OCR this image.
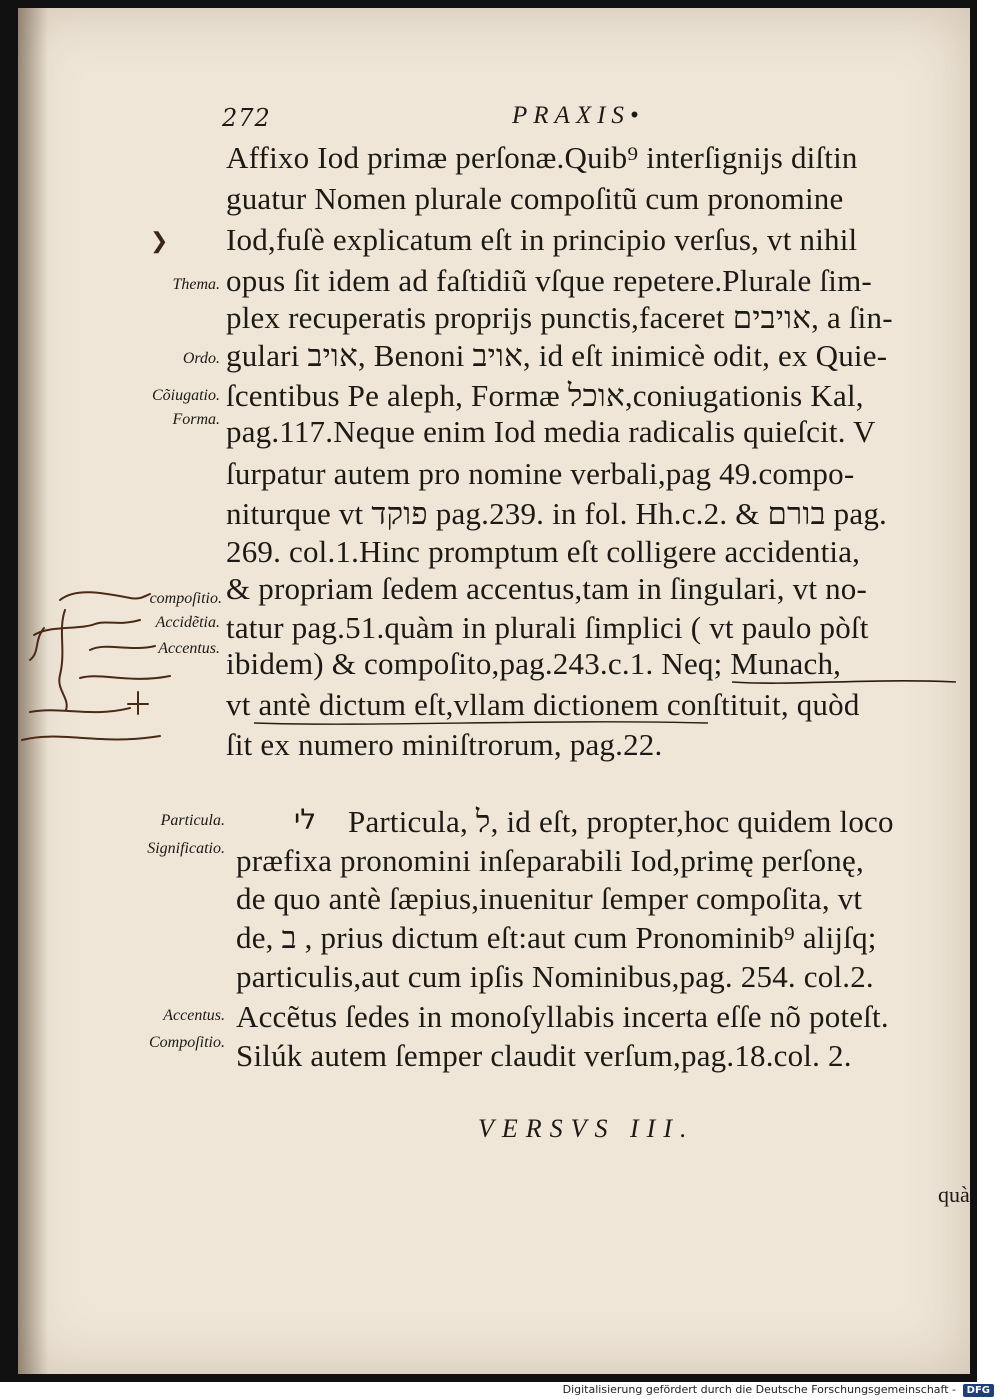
272	PRAXIS•
❯
Affixo Iod primæ perſonæ.Quib⁹ interſignijs diſtin
guatur Nomen plurale compoſitũ cum pronomine
Iod,fuſè explicatum eſt in principio verſus, vt nihil
opus ſit idem ad faſtidiũ vſque repetere.Plurale ſim-
plex recuperatis proprijs punctis,faceret אויבים, a ſin-
gulari אויב, Benoni אויב, id eſt inimicè odit, ex Quie-
ſcentibus Pe aleph, Formæ אוכל,coniugationis Kal,
pag.117.Neque enim Iod media radicalis quieſcit. V
ſurpatur autem pro nomine verbali,pag 49.compo-
niturque vt פוקד pag.239. in fol. Hh.c.2. & בורם pag.
269. col.1.Hinc promptum eſt colligere accidentia,
& propriam ſedem accentus,tam in ſingulari, vt no-
tatur pag.51.quàm in plurali ſimplici ( vt paulo pòſt
ibidem) & compoſito,pag.243.c.1. Neq; Munach,
vt antè dictum eſt,vllam dictionem conſtituit, quòd
ſit ex numero miniſtrorum, pag.22.
לי Particula, ל, id eſt, propter,hoc quidem loco
præfixa pronomini inſeparabili Iod,primę perſonę,
de quo antè ſæpius,inuenitur ſemper compoſita, vt
de, ב , prius dictum eſt:aut cum Pronominib⁹ alijſq;
particulis,aut cum ipſis Nominibus,pag. 254. col.2.
Accẽtus ſedes in monoſyllabis incerta eſſe nõ poteſt.
Silúk autem ſemper claudit verſum,pag.18.col. 2.
Thema.
Ordo.
Cõiugatio.
Forma.
compoſitio.
Accidẽtia.
Accentus.
Particula.
Significatio.
Accentus.
Compoſitio.
VERSVS III.
quà
Digitalisierung gefördert durch die Deutsche Forschungsgemeinschaft -	DFG
